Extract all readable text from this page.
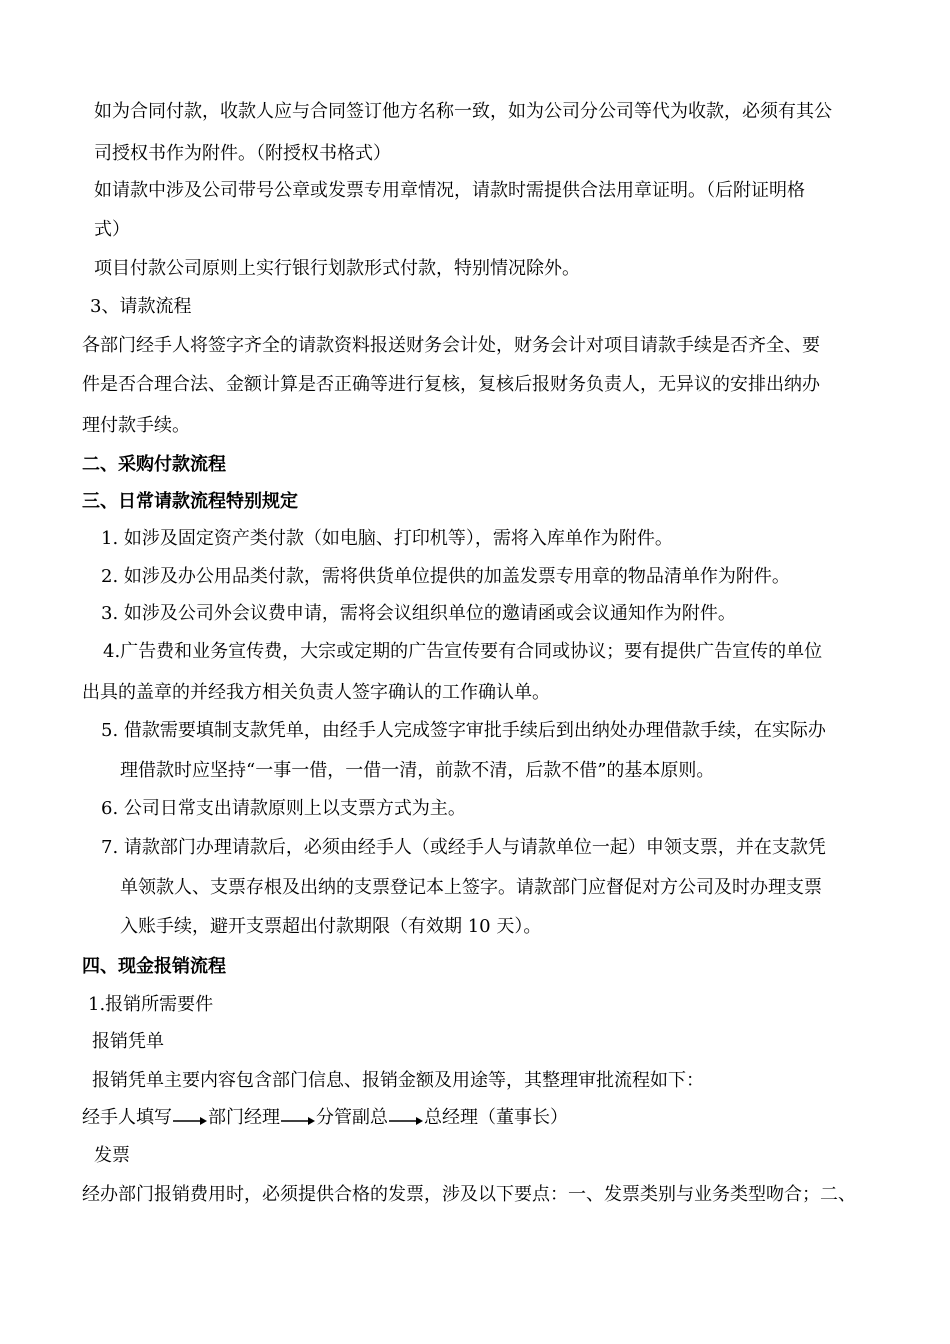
如为合同付款，收款人应与合同签订他方名称一致，如为公司分公司等代为收款，必须有其公
司授权书作为附件。（附授权书格式）
如请款中涉及公司带号公章或发票专用章情况，请款时需提供合法用章证明。（后附证明格
式）
项目付款公司原则上实行银行划款形式付款，特别情况除外。
3、请款流程
各部门经手人将签字齐全的请款资料报送财务会计处，财务会计对项目请款手续是否齐全、要
件是否合理合法、金额计算是否正确等进行复核，复核后报财务负责人，无异议的安排出纳办
理付款手续。
二、采购付款流程
三、日常请款流程特别规定
1. 如涉及固定资产类付款（如电脑、打印机等），需将入库单作为附件。
2. 如涉及办公用品类付款，需将供货单位提供的加盖发票专用章的物品清单作为附件。
3. 如涉及公司外会议费申请，需将会议组织单位的邀请函或会议通知作为附件。
4.广告费和业务宣传费，大宗或定期的广告宣传要有合同或协议；要有提供广告宣传的单位
出具的盖章的并经我方相关负责人签字确认的工作确认单。
5. 借款需要填制支款凭单，由经手人完成签字审批手续后到出纳处办理借款手续，在实际办
理借款时应坚持“一事一借，一借一清，前款不清，后款不借”的基本原则。
6. 公司日常支出请款原则上以支票方式为主。
7. 请款部门办理请款后，必须由经手人（或经手人与请款单位一起）申领支票，并在支款凭
单领款人、支票存根及出纳的支票登记本上签字。请款部门应督促对方公司及时办理支票
入账手续，避开支票超出付款期限（有效期 10 天）。
四、现金报销流程
1.报销所需要件
报销凭单
报销凭单主要内容包含部门信息、报销金额及用途等，其整理审批流程如下：
经手人填写 部门经理 分管副总 总经理（董事长）
发票
经办部门报销费用时，必须提供合格的发票，涉及以下要点：一、发票类别与业务类型吻合；二、
